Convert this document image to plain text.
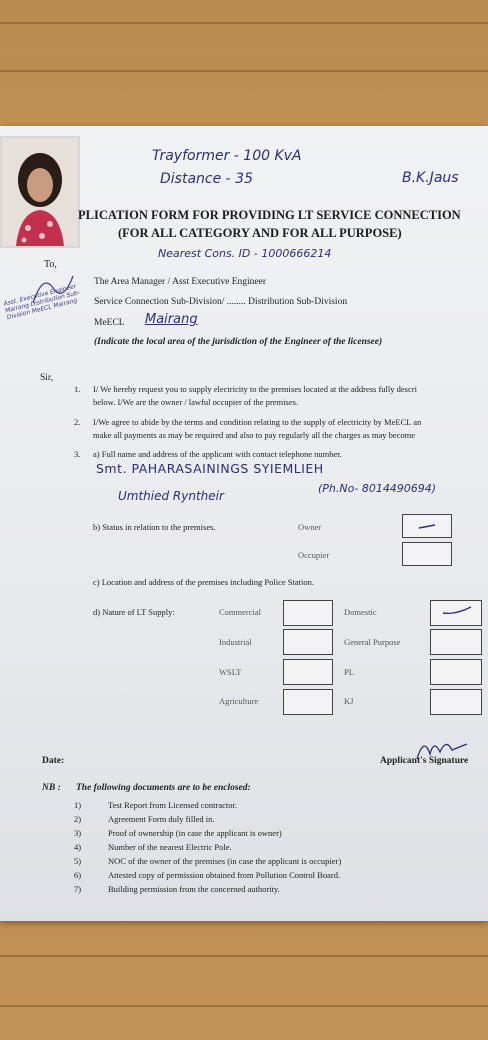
Trayformer - 100 KvA
Distance - 35	B.K.Jaus
PLICATION FORM FOR PROVIDING LT SERVICE CONNECTION
(FOR ALL CATEGORY AND FOR ALL PURPOSE)
Nearest Cons. ID - 1000666214
To,
The Area Manager / Asst Executive Engineer
Service Connection Sub-Division/ ........ Distribution Sub-Division
MeECL Mairang
(Indicate the local area of the jurisdiction of the Engineer of the licensee)
Asst. Executive Engineer Mairang Distribution Sub-Division MeECL Mairang
Sir,
1. I/ We hereby request you to supply electricity to the premises located at the address fully descri
below. I/We are the owner / lawful occupier of the premises.
2. I/We agree to abide by the terms and condition relating to the supply of electricity by MeECL an
make all payments as may be required and also to pay regularly all the charges as may become
3. a) Full name and address of the applicant with contact telephone number.
Smt. PAHARASAININGS SYIEMLIEH
Umthied Ryntheir
(Ph.No- 8014490694)
b) Status in relation to the premises.	Owner
Occupier
c) Location and address of the premises including Police Station.
d) Nature of LT Supply:	Commercial	Domestic
Industrial	General Purpose
WSLT	PL
Agriculture	KJ
Date:	Applicant's Signature
NB : The following documents are to be enclosed:
1)	Test Report from Licensed contractor.
2)	Agreement Form duly filled in.
3)	Proof of ownership (in case the applicant is owner)
4)	Number of the nearest Electric Pole.
5)	NOC of the owner of the premises (in case the applicant is occupier)
6)	Attested copy of permission obtained from Pollution Control Board.
7)	Building permission from the concerned authority.
